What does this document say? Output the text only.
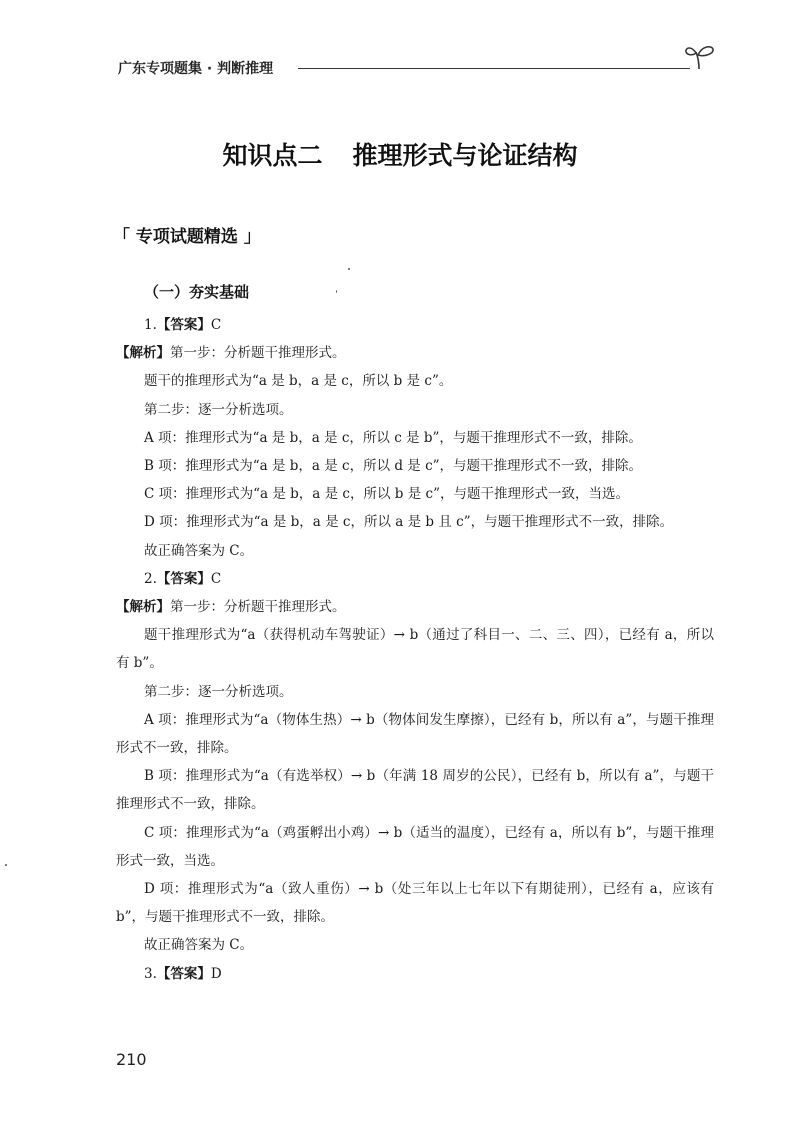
广东专项题集 · 判断推理
知识点二 推理形式与论证结构
「 专项试题精选 」
（一）夯实基础

1.【答案】C

【解析】第一步：分析题干推理形式。

题干的推理形式为“a 是 b，a 是 c，所以 b 是 c”。

第二步：逐一分析选项。

A 项：推理形式为“a 是 b，a 是 c，所以 c 是 b”，与题干推理形式不一致，排除。

B 项：推理形式为“a 是 b，a 是 c，所以 d 是 c”，与题干推理形式不一致，排除。

C 项：推理形式为“a 是 b，a 是 c，所以 b 是 c”，与题干推理形式一致，当选。

D 项：推理形式为“a 是 b，a 是 c，所以 a 是 b 且 c”，与题干推理形式不一致，排除。

故正确答案为 C。

2.【答案】C

【解析】第一步：分析题干推理形式。

题干推理形式为“a（获得机动车驾驶证）→ b（通过了科目一、二、三、四），已经有 a，所以有 b”。

第二步：逐一分析选项。

A 项：推理形式为“a（物体生热）→ b（物体间发生摩擦），已经有 b，所以有 a”，与题干推理形式不一致，排除。

B 项：推理形式为“a（有选举权）→ b（年满 18 周岁的公民），已经有 b，所以有 a”，与题干推理形式不一致，排除。

C 项：推理形式为“a（鸡蛋孵出小鸡）→ b（适当的温度），已经有 a，所以有 b”，与题干推理形式一致，当选。

D 项：推理形式为“a（致人重伤）→ b（处三年以上七年以下有期徒刑），已经有 a，应该有 b”，与题干推理形式不一致，排除。

故正确答案为 C。

3.【答案】D

210
